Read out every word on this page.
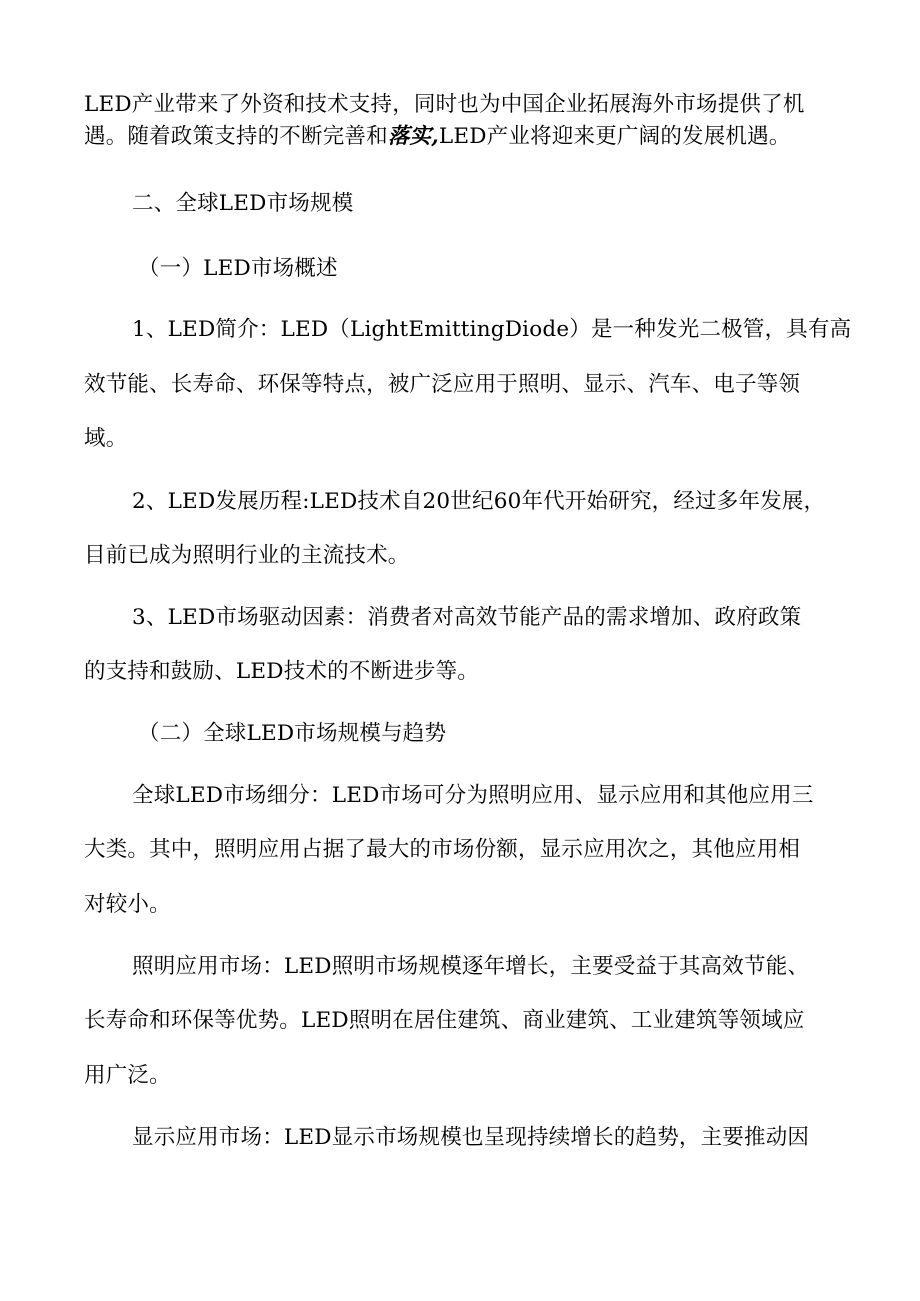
LED产业带来了外资和技术支持，同时也为中国企业拓展海外市场提供了机
遇。随着政策支持的不断完善和落实,LED产业将迎来更广阔的发展机遇。
二、全球LED市场规模
（一）LED市场概述
1、LED简介：LED（LightEmittingDiode）是一种发光二极管，具有高
效节能、长寿命、环保等特点，被广泛应用于照明、显示、汽车、电子等领
域。
2、LED发展历程:LED技术自20世纪60年代开始研究，经过多年发展，
目前已成为照明行业的主流技术。
3、LED市场驱动因素：消费者对高效节能产品的需求增加、政府政策
的支持和鼓励、LED技术的不断进步等。
（二）全球LED市场规模与趋势
全球LED市场细分：LED市场可分为照明应用、显示应用和其他应用三
大类。其中，照明应用占据了最大的市场份额，显示应用次之，其他应用相
对较小。
照明应用市场：LED照明市场规模逐年增长，主要受益于其高效节能、
长寿命和环保等优势。LED照明在居住建筑、商业建筑、工业建筑等领域应
用广泛。
显示应用市场：LED显示市场规模也呈现持续增长的趋势，主要推动因
